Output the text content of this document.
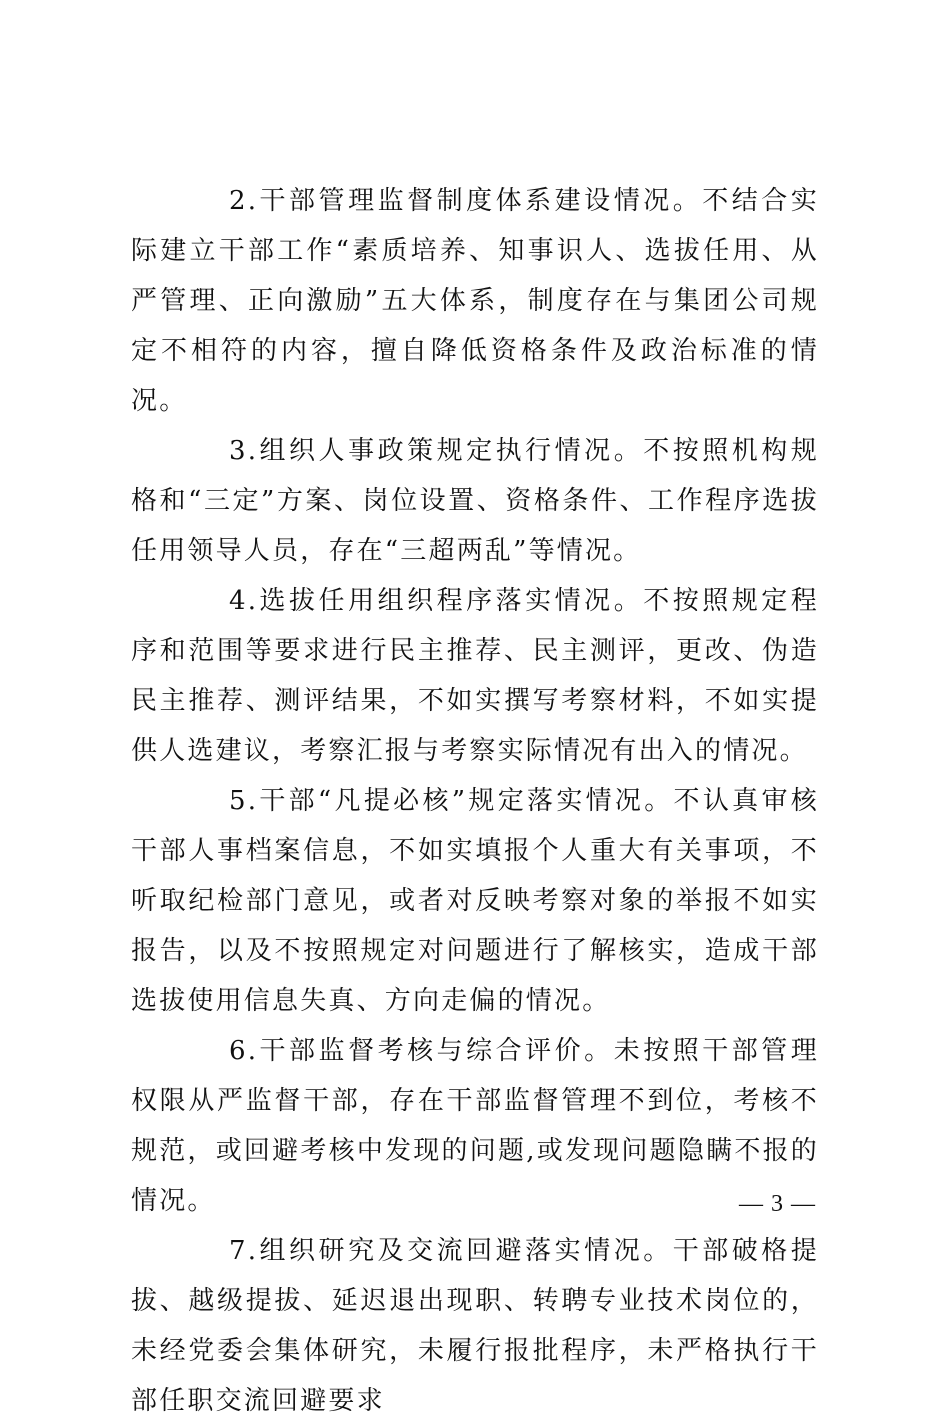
2.干部管理监督制度体系建设情况。不结合实际建立干部工作“素质培养、知事识人、选拔任用、从严管理、正向激励”五大体系，制度存在与集团公司规定不相符的内容，擅自降低资格条件及政治标准的情况。

3.组织人事政策规定执行情况。不按照机构规格和“三定”方案、岗位设置、资格条件、工作程序选拔任用领导人员，存在“三超两乱”等情况。

4.选拔任用组织程序落实情况。不按照规定程序和范围等要求进行民主推荐、民主测评，更改、伪造民主推荐、测评结果，不如实撰写考察材料，不如实提供人选建议，考察汇报与考察实际情况有出入的情况。

5.干部“凡提必核”规定落实情况。不认真审核干部人事档案信息，不如实填报个人重大有关事项，不听取纪检部门意见，或者对反映考察对象的举报不如实报告，以及不按照规定对问题进行了解核实，造成干部选拔使用信息失真、方向走偏的情况。

6.干部监督考核与综合评价。未按照干部管理权限从严监督干部，存在干部监督管理不到位，考核不规范，或回避考核中发现的问题,或发现问题隐瞒不报的情况。

7.组织研究及交流回避落实情况。干部破格提拔、越级提拔、延迟退出现职、转聘专业技术岗位的，未经党委会集体研究，未履行报批程序，未严格执行干部任职交流回避要求

— 3 —
